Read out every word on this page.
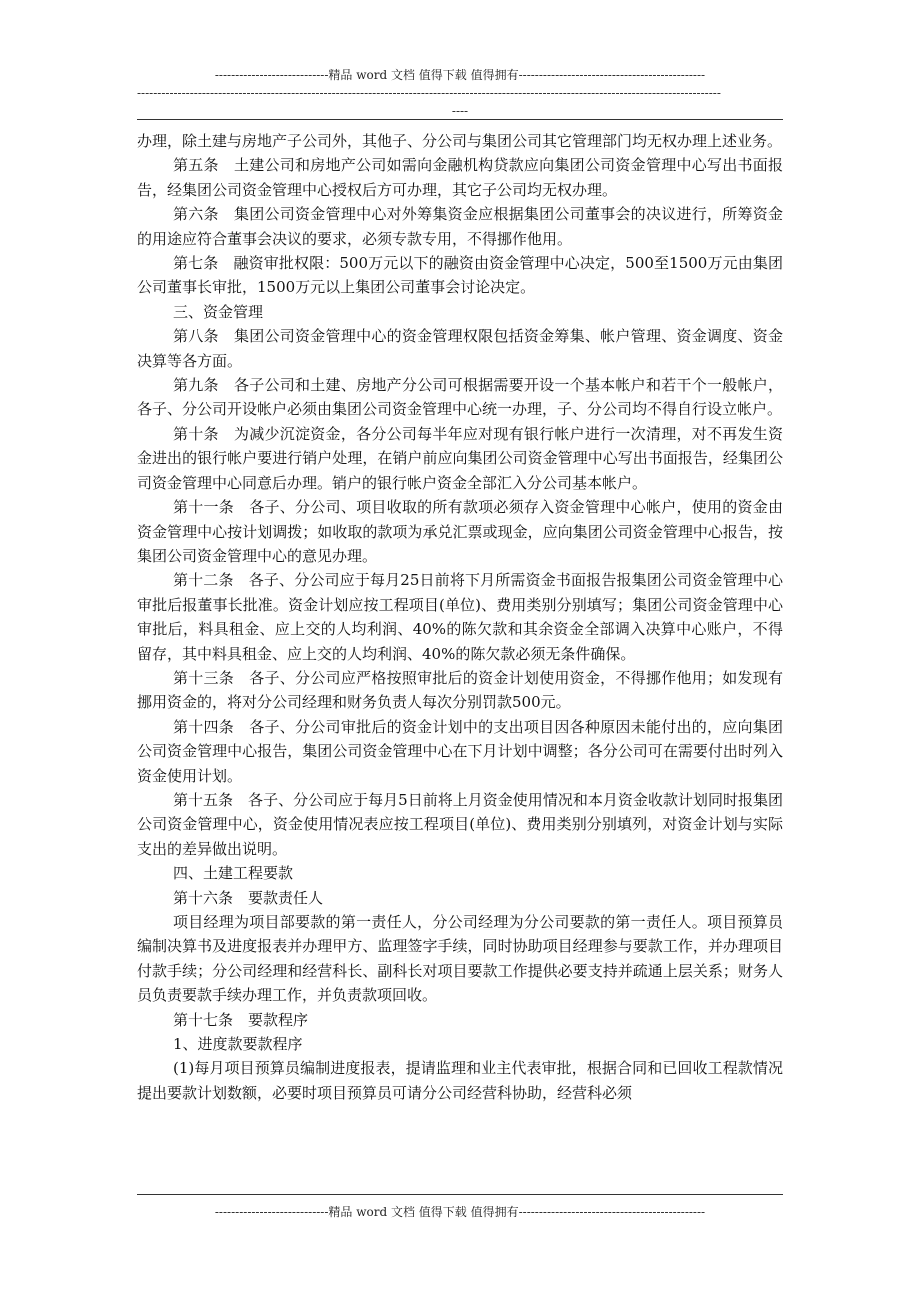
----------------------------精品 word 文档 值得下载 值得拥有----------------------------------------------
------------------------------------------------------------------------------------------------------------------------------------------------
----

办理，除土建与房地产子公司外，其他子、分公司与集团公司其它管理部门均无权办理上述业务。

第五条　土建公司和房地产公司如需向金融机构贷款应向集团公司资金管理中心写出书面报告，经集团公司资金管理中心授权后方可办理，其它子公司均无权办理。

第六条　集团公司资金管理中心对外筹集资金应根据集团公司董事会的决议进行，所筹资金的用途应符合董事会决议的要求，必须专款专用，不得挪作他用。

第七条　融资审批权限：500万元以下的融资由资金管理中心决定，500至1500万元由集团公司董事长审批，1500万元以上集团公司董事会讨论决定。

三、资金管理

第八条　集团公司资金管理中心的资金管理权限包括资金筹集、帐户管理、资金调度、资金决算等各方面。

第九条　各子公司和土建、房地产分公司可根据需要开设一个基本帐户和若干个一般帐户，各子、分公司开设帐户必须由集团公司资金管理中心统一办理，子、分公司均不得自行设立帐户。

第十条　为减少沉淀资金，各分公司每半年应对现有银行帐户进行一次清理，对不再发生资金进出的银行帐户要进行销户处理，在销户前应向集团公司资金管理中心写出书面报告，经集团公司资金管理中心同意后办理。销户的银行帐户资金全部汇入分公司基本帐户。

第十一条　各子、分公司、项目收取的所有款项必须存入资金管理中心帐户，使用的资金由资金管理中心按计划调拨；如收取的款项为承兑汇票或现金，应向集团公司资金管理中心报告，按集团公司资金管理中心的意见办理。

第十二条　各子、分公司应于每月25日前将下月所需资金书面报告报集团公司资金管理中心审批后报董事长批准。资金计划应按工程项目(单位)、费用类别分别填写；集团公司资金管理中心审批后，料具租金、应上交的人均利润、40%的陈欠款和其余资金全部调入决算中心账户，不得留存，其中料具租金、应上交的人均利润、40%的陈欠款必须无条件确保。

第十三条　各子、分公司应严格按照审批后的资金计划使用资金，不得挪作他用；如发现有挪用资金的，将对分公司经理和财务负责人每次分别罚款500元。

第十四条　各子、分公司审批后的资金计划中的支出项目因各种原因未能付出的，应向集团公司资金管理中心报告，集团公司资金管理中心在下月计划中调整；各分公司可在需要付出时列入资金使用计划。

第十五条　各子、分公司应于每月5日前将上月资金使用情况和本月资金收款计划同时报集团公司资金管理中心，资金使用情况表应按工程项目(单位)、费用类别分别填列，对资金计划与实际支出的差异做出说明。

四、土建工程要款

第十六条　要款责任人

项目经理为项目部要款的第一责任人，分公司经理为分公司要款的第一责任人。项目预算员编制决算书及进度报表并办理甲方、监理签字手续，同时协助项目经理参与要款工作，并办理项目付款手续；分公司经理和经营科长、副科长对项目要款工作提供必要支持并疏通上层关系；财务人员负责要款手续办理工作，并负责款项回收。

第十七条　要款程序

1、进度款要款程序

(1)每月项目预算员编制进度报表，提请监理和业主代表审批，根据合同和已回收工程款情况提出要款计划数额，必要时项目预算员可请分公司经营科协助，经营科必须

----------------------------精品 word 文档 值得下载 值得拥有----------------------------------------------
